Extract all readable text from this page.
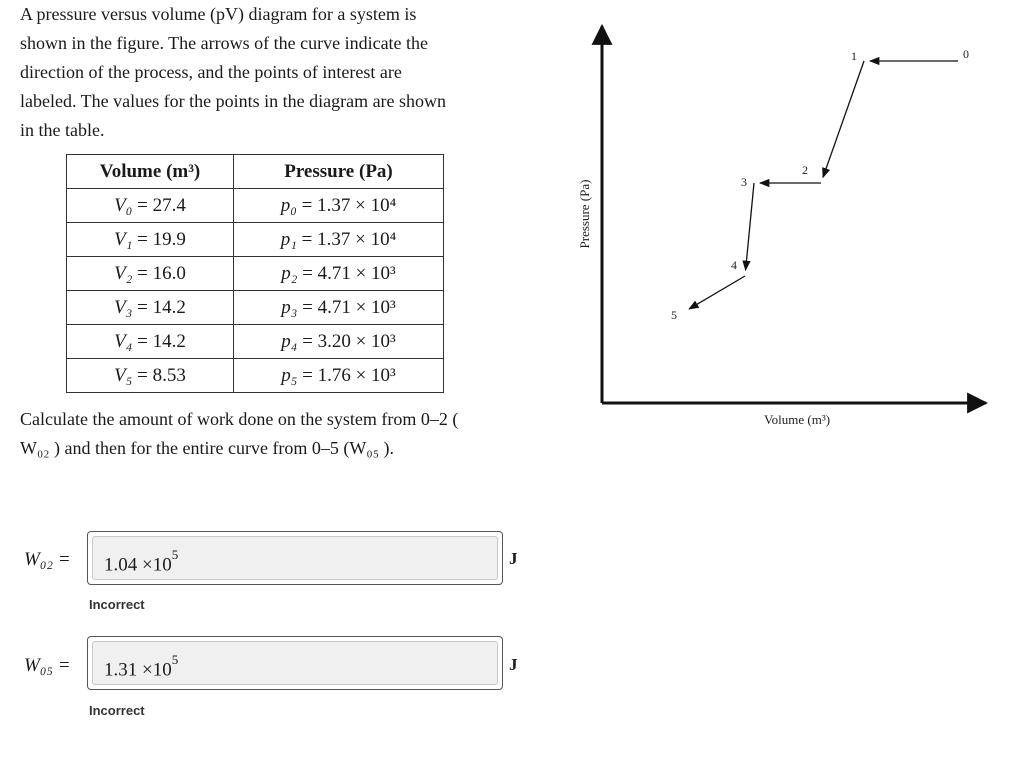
A pressure versus volume (pV) diagram for a system is
shown in the figure. The arrows of the curve indicate the
direction of the process, and the points of interest are
labeled. The values for the points in the diagram are shown
in the table.
Volume (m³)	Pressure (Pa)
V₀ = 27.4	p₀ = 1.37 × 10⁴
V₁ = 19.9	p₁ = 1.37 × 10⁴
V₂ = 16.0	p₂ = 4.71 × 10³
V₃ = 14.2	p₃ = 4.71 × 10³
V₄ = 14.2	p₄ = 3.20 × 10³
V₅ = 8.53	p₅ = 1.76 × 10³
Calculate the amount of work done on the system from 0–2 (
W₀₂ ) and then for the entire curve from 0–5 (W₀₅ ).
W₀₂ =	$1.04 \times 10^5$	J
Incorrect
W₀₅ =	$1.31 \times 10^5$	J
Incorrect
Pressure (Pa)
Volume (m³)
0
1
2
3
4
5
